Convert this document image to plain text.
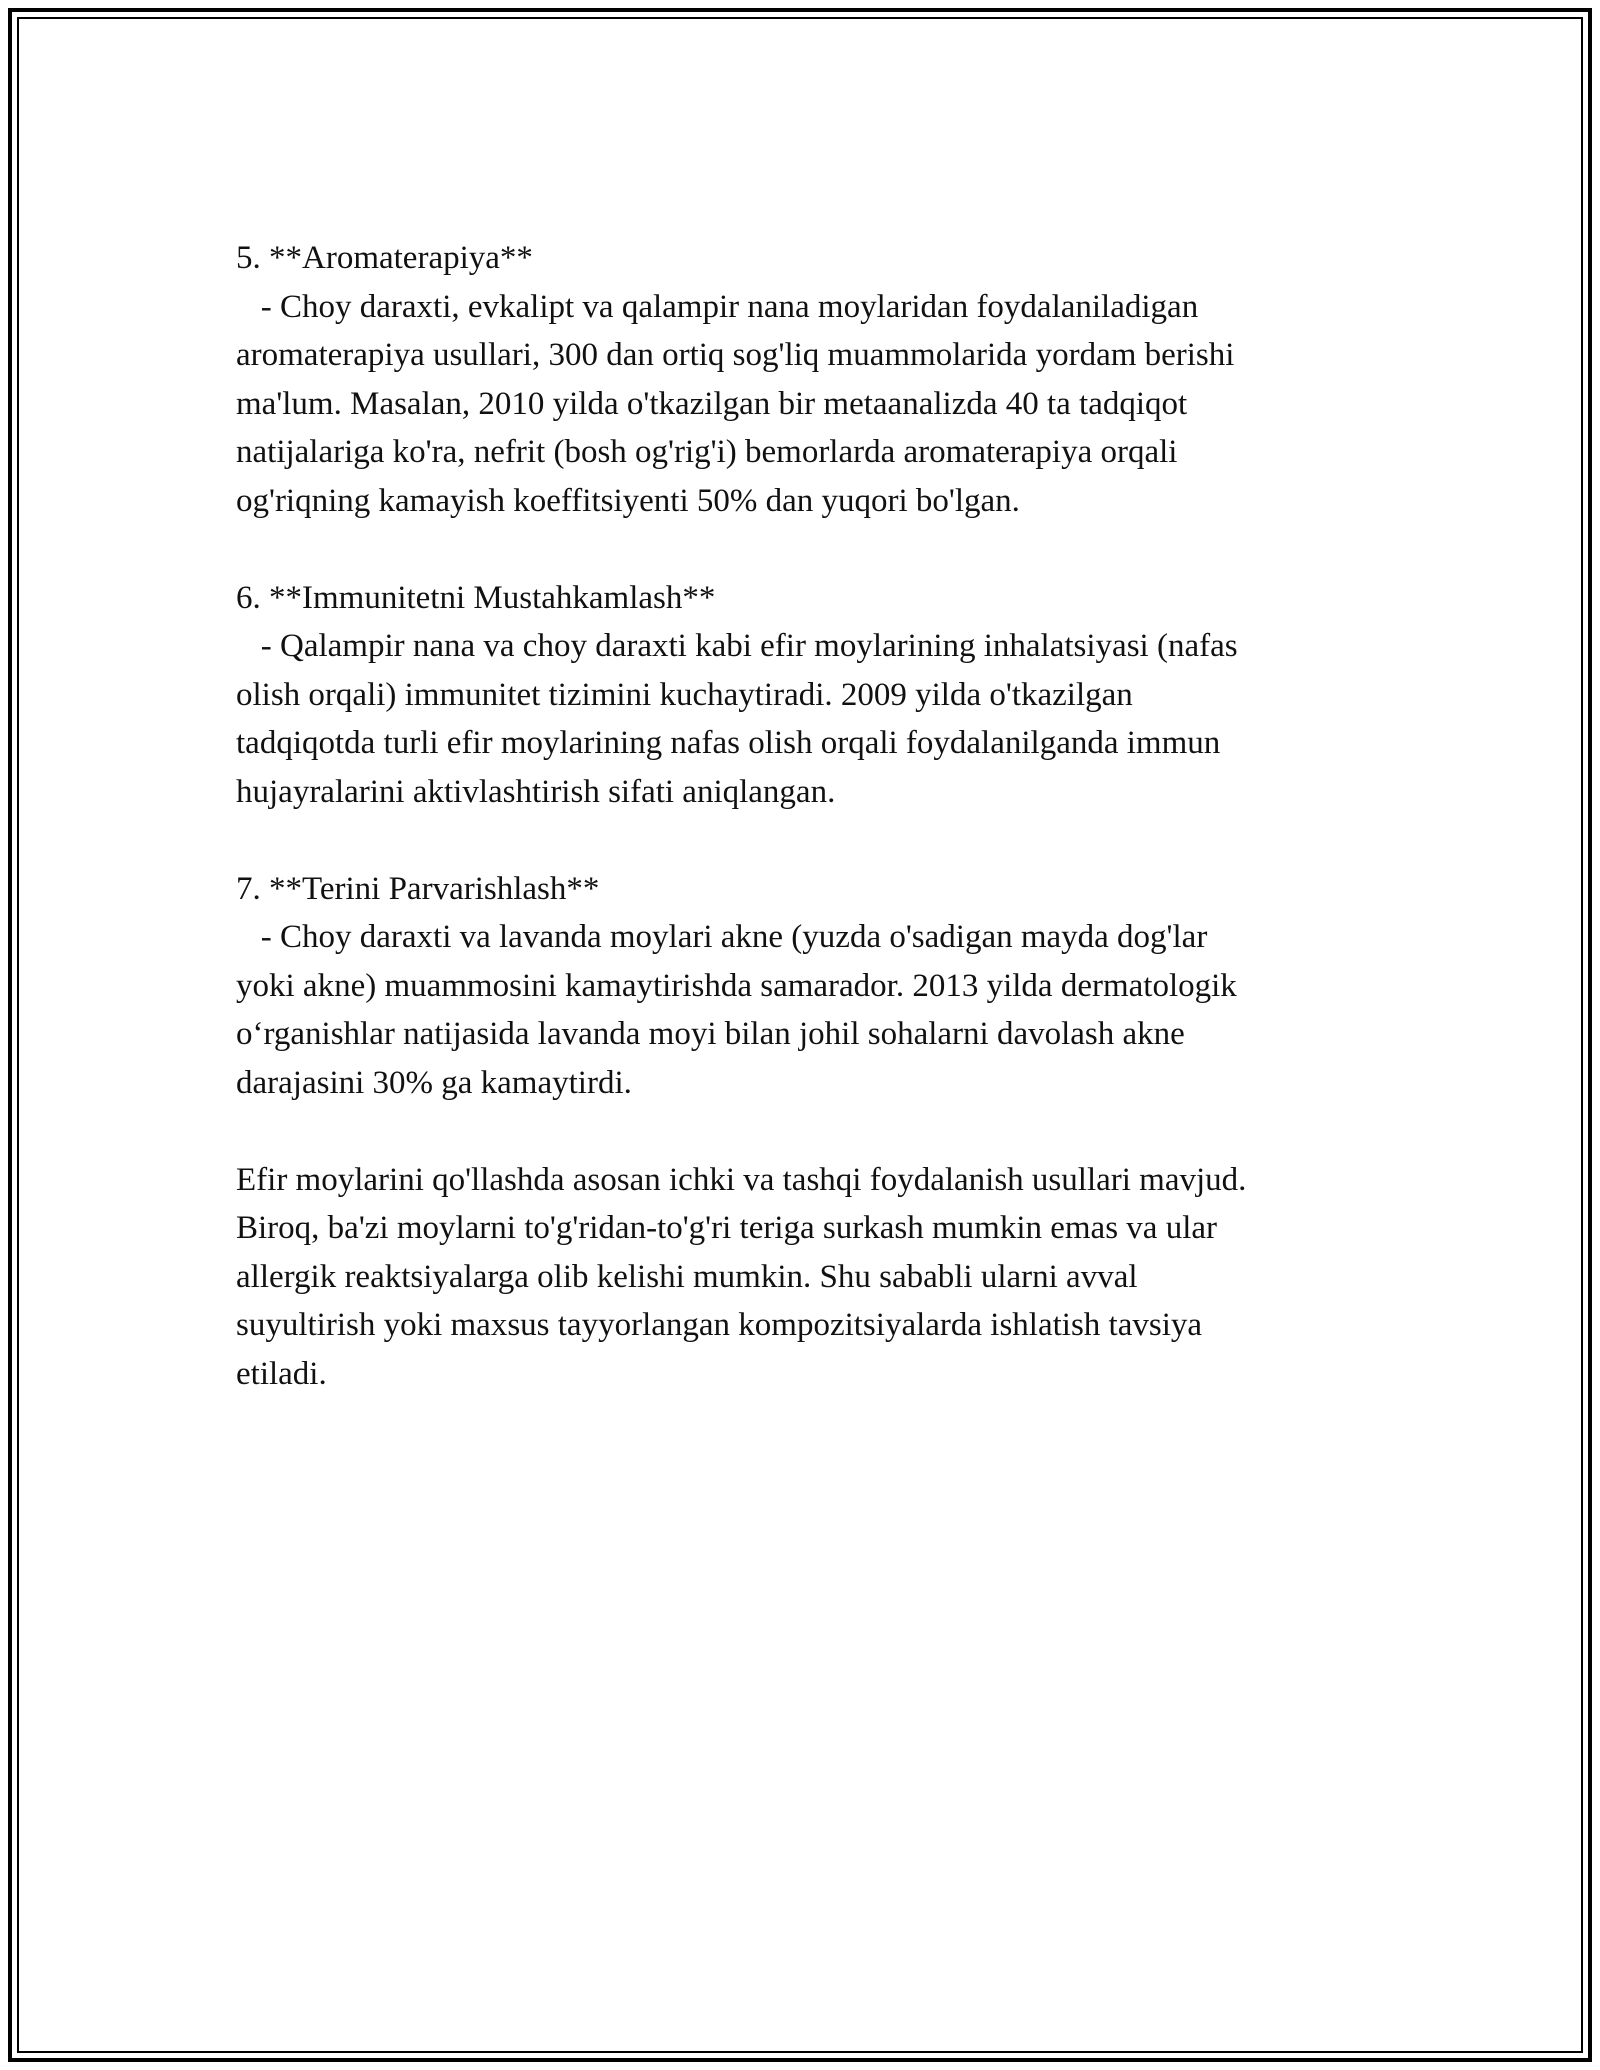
5. **Aromaterapiya**
- Choy daraxti, evkalipt va qalampir nana moylaridan foydalaniladigan
aromaterapiya usullari, 300 dan ortiq sog'liq muammolarida yordam berishi
ma'lum. Masalan, 2010 yilda o'tkazilgan bir metaanalizda 40 ta tadqiqot
natijalariga ko'ra, nefrit (bosh og'rig'i) bemorlarda aromaterapiya orqali
og'riqning kamayish koeffitsiyenti 50% dan yuqori bo'lgan.
6. **Immunitetni Mustahkamlash**
- Qalampir nana va choy daraxti kabi efir moylarining inhalatsiyasi (nafas
olish orqali) immunitet tizimini kuchaytiradi. 2009 yilda o'tkazilgan
tadqiqotda turli efir moylarining nafas olish orqali foydalanilganda immun
hujayralarini aktivlashtirish sifati aniqlangan.
7. **Terini Parvarishlash**
- Choy daraxti va lavanda moylari akne (yuzda o'sadigan mayda dog'lar
yoki akne) muammosini kamaytirishda samarador. 2013 yilda dermatologik
o‘rganishlar natijasida lavanda moyi bilan johil sohalarni davolash akne
darajasini 30% ga kamaytirdi.
Efir moylarini qo'llashda asosan ichki va tashqi foydalanish usullari mavjud.
Biroq, ba'zi moylarni to'g'ridan-to'g'ri teriga surkash mumkin emas va ular
allergik reaktsiyalarga olib kelishi mumkin. Shu sababli ularni avval
suyultirish yoki maxsus tayyorlangan kompozitsiyalarda ishlatish tavsiya
etiladi.
